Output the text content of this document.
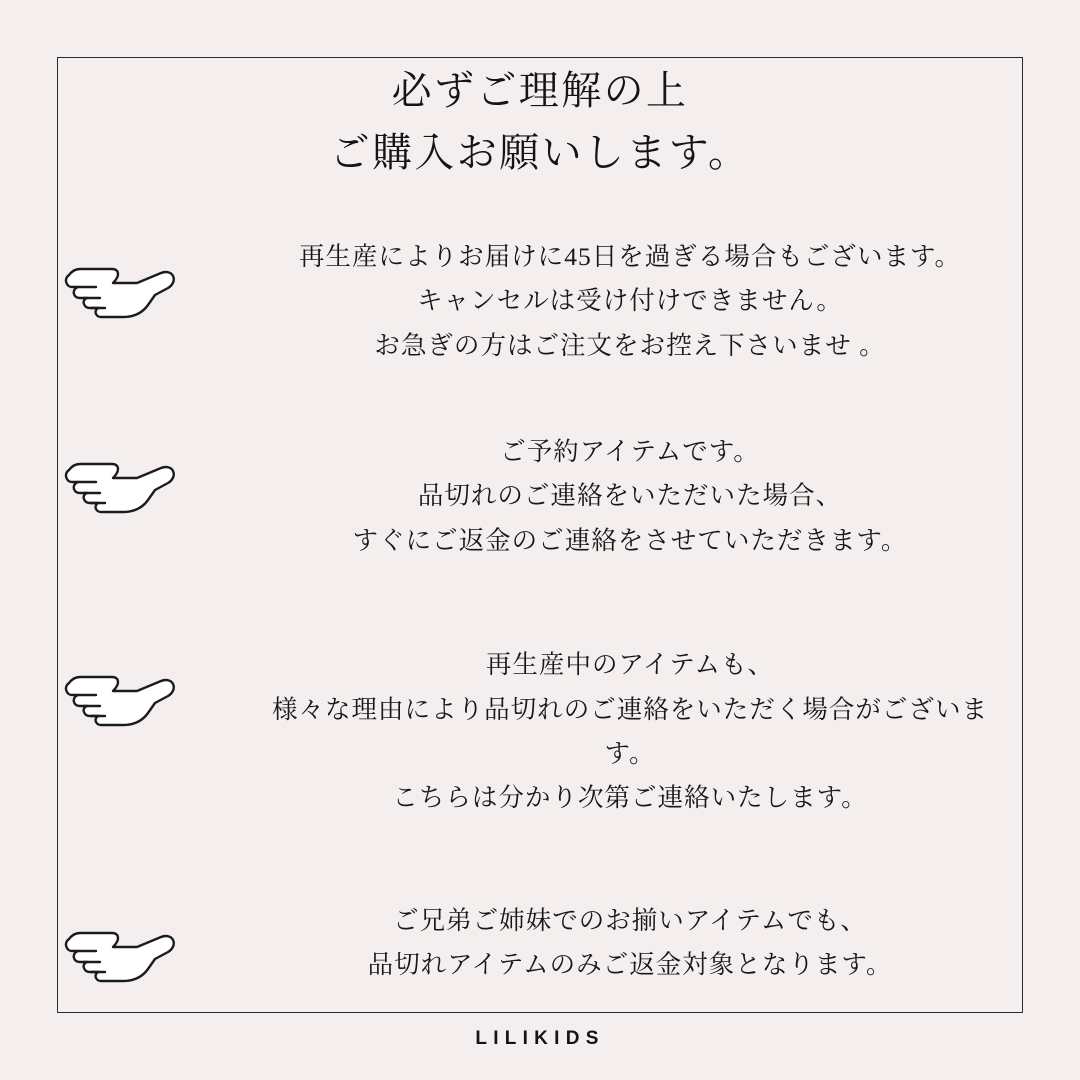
必ずご理解の上
ご購入お願いします。

再生産によりお届けに45日を過ぎる場合もございます。
キャンセルは受け付けできません。
お急ぎの方はご注文をお控え下さいませ 。

ご予約アイテムです。
品切れのご連絡をいただいた場合、
すぐにご返金のご連絡をさせていただきます。

再生産中のアイテムも、
様々な理由により品切れのご連絡をいただく場合がございます。
こちらは分かり次第ご連絡いたします。

ご兄弟ご姉妹でのお揃いアイテムでも、
品切れアイテムのみご返金対象となります。

LILIKIDS
